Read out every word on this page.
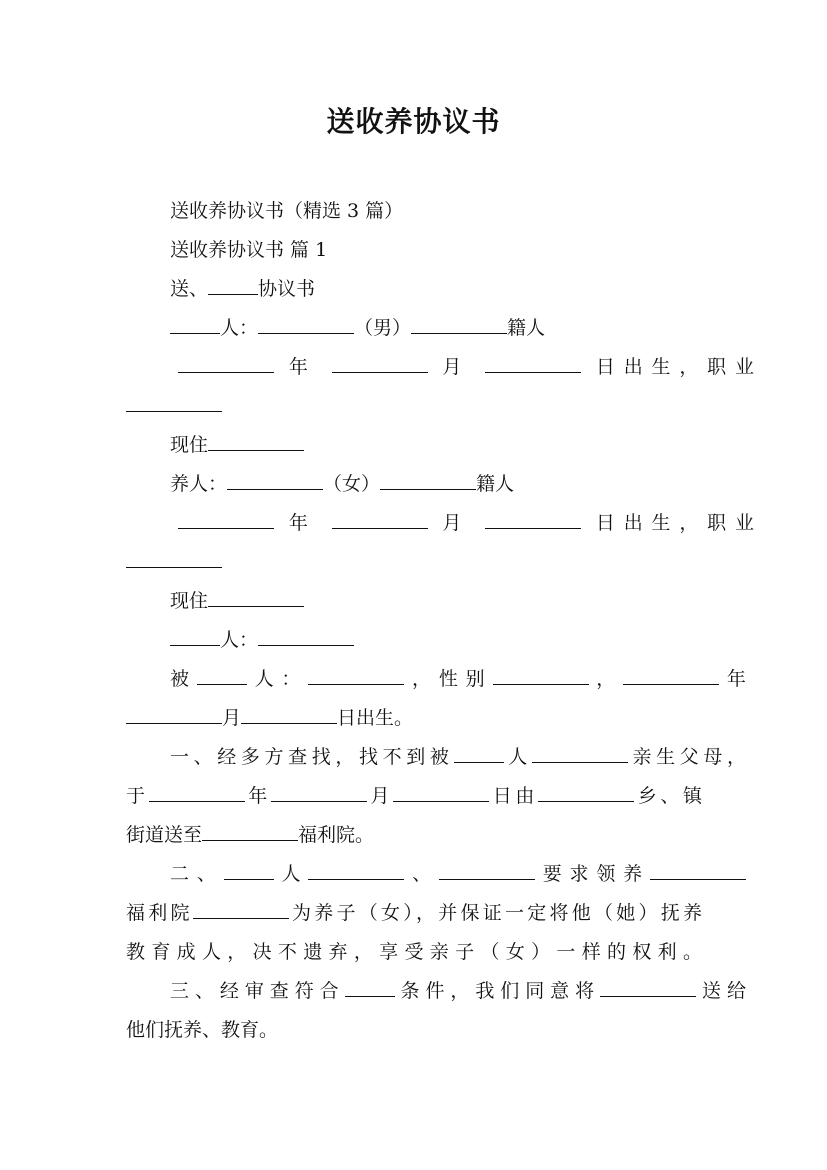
送收养协议书
送收养协议书（精选 3 篇）
送收养协议书 篇 1
送、	协议书
人：	（男）	籍人
年	月	日出生，职业
现住
养人：	（女）	籍人
年	月	日出生，职业
现住
人：
被	人：	，性别	，	年
月	日出生。
一、经多方查找，找不到被	人	亲生父母，
于	年	月	日由	乡、镇
街道送至	福利院。
二、	人	、	要求领养
福利院	为养子（女），并保证一定将他（她）抚养
教育成人，决不遗弃，享受亲子（女）一样的权利。
三、经审查符合	条件，我们同意将	送给
他们抚养、教育。
